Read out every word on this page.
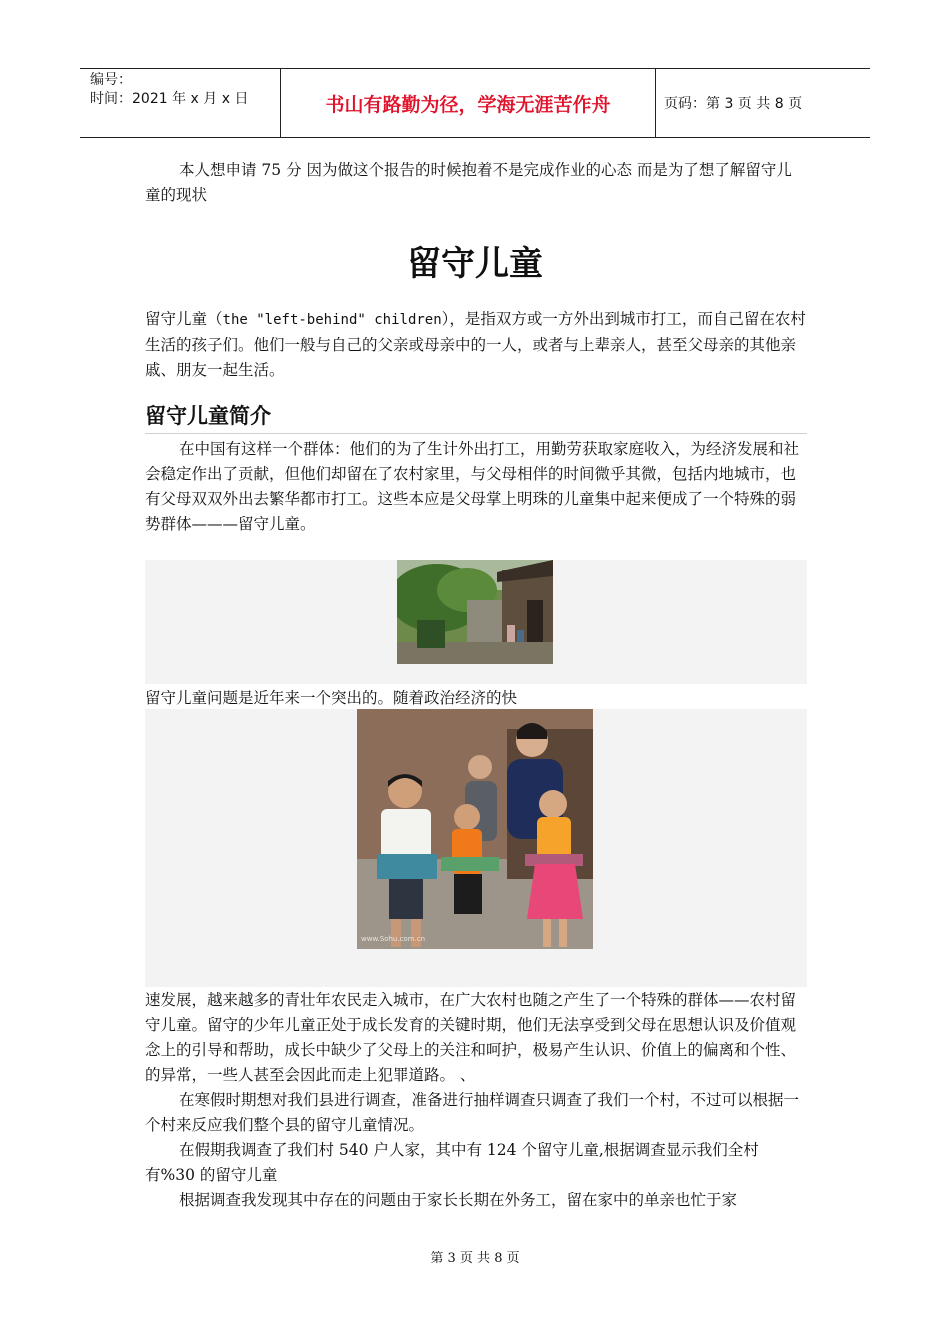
编号：
时间：2021 年 x 月 x 日	书山有路勤为径，学海无涯苦作舟	页码：第 3 页 共 8 页

本人想申请 75 分 因为做这个报告的时候抱着不是完成作业的心态 而是为了想了解留守儿童的现状

留守儿童

留守儿童（the "left-behind" children），是指双方或一方外出到城市打工，而自己留在农村生活的孩子们。他们一般与自己的父亲或母亲中的一人，或者与上辈亲人，甚至父母亲的其他亲戚、朋友一起生活。

留守儿童简介

在中国有这样一个群体：他们的为了生计外出打工，用勤劳获取家庭收入，为经济发展和社会稳定作出了贡献，但他们却留在了农村家里，与父母相伴的时间微乎其微，包括内地城市，也有父母双双外出去繁华都市打工。这些本应是父母掌上明珠的儿童集中起来便成了一个特殊的弱势群体———留守儿童。

留守儿童问题是近年来一个突出的。随着政治经济的快

www.Sohu.com.cn

速发展，越来越多的青壮年农民走入城市，在广大农村也随之产生了一个特殊的群体——农村留守儿童。留守的少年儿童正处于成长发育的关键时期，他们无法享受到父母在思想认识及价值观念上的引导和帮助，成长中缺少了父母上的关注和呵护，极易产生认识、价值上的偏离和个性、的异常，一些人甚至会因此而走上犯罪道路。 、

在寒假时期想对我们县进行调查，准备进行抽样调查只调查了我们一个村，不过可以根据一个村来反应我们整个县的留守儿童情况。

在假期我调查了我们村 540 户人家，其中有 124 个留守儿童,根据调查显示我们全村有%30 的留守儿童

根据调查我发现其中存在的问题由于家长长期在外务工，留在家中的单亲也忙于家

第 3 页 共 8 页
